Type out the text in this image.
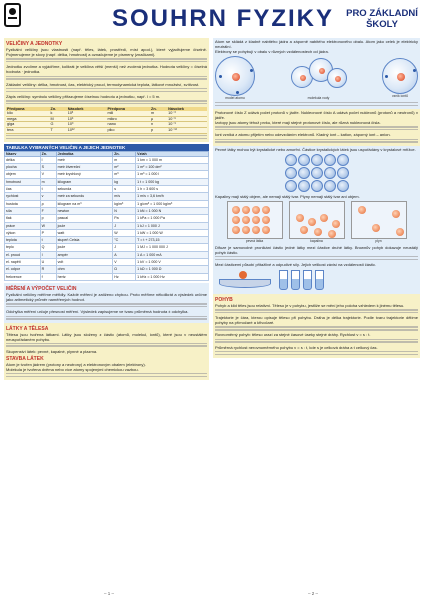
SOUHRN FYZIKY PRO ZÁKLADNÍ ŠKOLY
VELIČINY A JEDNOTKY

Fyzikální veličiny jsou vlastnosti (např. těles, látek, prostředí, míst apod.), které vyjadřujeme číselně. Pojmenujeme je slovy (např. délka, hmotnost) a označujeme je písmeny (značkami).

Jednotku zvolíme a vyjádříme, kolikrát je veličina větší (menší) než zvolená jednotka. Hodnota veličiny = číselná hodnota · jednotka.

Základní veličiny: délka, hmotnost, čas, elektrický proud, termodynamická teplota, látkové množství, svítivost.

Zápis veličiny: symbolu veličiny přiřazujeme číselnou hodnotu a jednotku, např. l = 5 m.

Předpona	Zn.	Násobek	Předpona	Zn.	Násobek
kilo	k	10³	mili	m	10⁻³
mega	M	10⁶	mikro	μ	10⁻⁶
giga	G	10⁹	nano	n	10⁻⁹
tera	T	10¹²	piko	p	10⁻¹²
TABULKA VYBRANÝCH VELIČIN A JEJICH JEDNOTEK
Název	Zn.	Jednotka	Zn.	Vztah
délka	l	metr	m	1 km = 1 000 m
plocha	S	metr čtvereční	m²	1 m² = 100 dm²
objem	V	metr krychlový	m³	1 m³ = 1 000 l
hmotnost	m	kilogram	kg	1 t = 1 000 kg
čas	t	sekunda	s	1 h = 3 600 s
rychlost	v	metr za sekundu	m/s	1 m/s = 3,6 km/h
hustota	ρ	kilogram na m³	kg/m³	1 g/cm³ = 1 000 kg/m³
síla	F	newton	N	1 kN = 1 000 N
tlak	p	pascal	Pa	1 kPa = 1 000 Pa
práce	W	joule	J	1 kJ = 1 000 J
výkon	P	watt	W	1 kW = 1 000 W
teplota	t	stupeň Celsia	°C	T = t + 273,15
teplo	Q	joule	J	1 MJ = 1 000 000 J
el. proud	I	ampér	A	1 A = 1 000 mA
el. napětí	U	volt	V	1 kV = 1 000 V
el. odpor	R	ohm	Ω	1 kΩ = 1 000 Ω
frekvence	f	hertz	Hz	1 kHz = 1 000 Hz
MĚŘENÍ A VÝPOČET VELIČIN

Fyzikální veličiny měříme měřidly. Každé měření je zatíženo chybou. Proto měříme několikrát a výsledek určíme jako aritmetický průměr naměřených hodnot.

Odchylka měření určuje přesnost měření. Výsledek zapisujeme ve tvaru průměrná hodnota ± odchylka.

LÁTKY A TĚLESA

Tělesa jsou tvořena látkami. Látky jsou složeny z částic (atomů, molekul, iontů), které jsou v neustálém neuspořádaném pohybu.

Skupenství látek: pevné, kapalné, plynné a plazma.

STAVBA LÁTEK

Atom je tvořen jádrem (protony a neutrony) a elektronovým obalem (elektrony).

Molekula je tvořena dvěma nebo více atomy spojenými chemickou vazbou.

Atom se skládá z kladně nabitého jádra a záporně nabitého elektronového obalu. Atom jako celek je elektricky neutrální.

Elektrony se pohybují v obalu v různých vzdálenostech od jádra.

model atomu	molekula vody	vznik iontů

Protonové číslo Z udává počet protonů v jádře. Nukleonové číslo A udává počet nukleonů (protonů a neutronů) v jádře.

Izotopy jsou atomy téhož prvku, které mají stejné protonové číslo, ale různá nukleonová čísla.

Iont vzniká z atomu přijetím nebo odevzdáním elektronů. Kladný iont – kation, záporný iont – anion.

Pevné látky mohou být krystalické nebo amorfní. Částice krystalických látek jsou uspořádány v krystalové mřížce.

Kapaliny mají stálý objem, ale nemají stálý tvar. Plyny nemají stálý tvar ani objem.

pevná látka	kapalina	plyn

Difuze je samovolné pronikání částic jedné látky mezi částice druhé látky. Brownův pohyb dokazuje neustálý pohyb částic.

Mezi částicemi působí přitažlivé a odpudivé síly. Jejich velikost závisí na vzdálenosti částic.

POHYB

Pohyb a klid těles jsou relativní. Těleso je v pohybu, jestliže se mění jeho poloha vzhledem k jinému tělesu.

Trajektorie je čára, kterou opisuje těleso při pohybu. Dráha je délka trajektorie. Podle tvaru trajektorie dělíme pohyby na přímočaré a křivočaré.

Rovnoměrný pohyb: těleso urazí za stejné časové úseky stejné dráhy. Rychlost v = s : t.

Průměrná rychlost nerovnoměrného pohybu v = s : t, kde s je celková dráha a t celkový čas.

– 1 –	– 2 –
